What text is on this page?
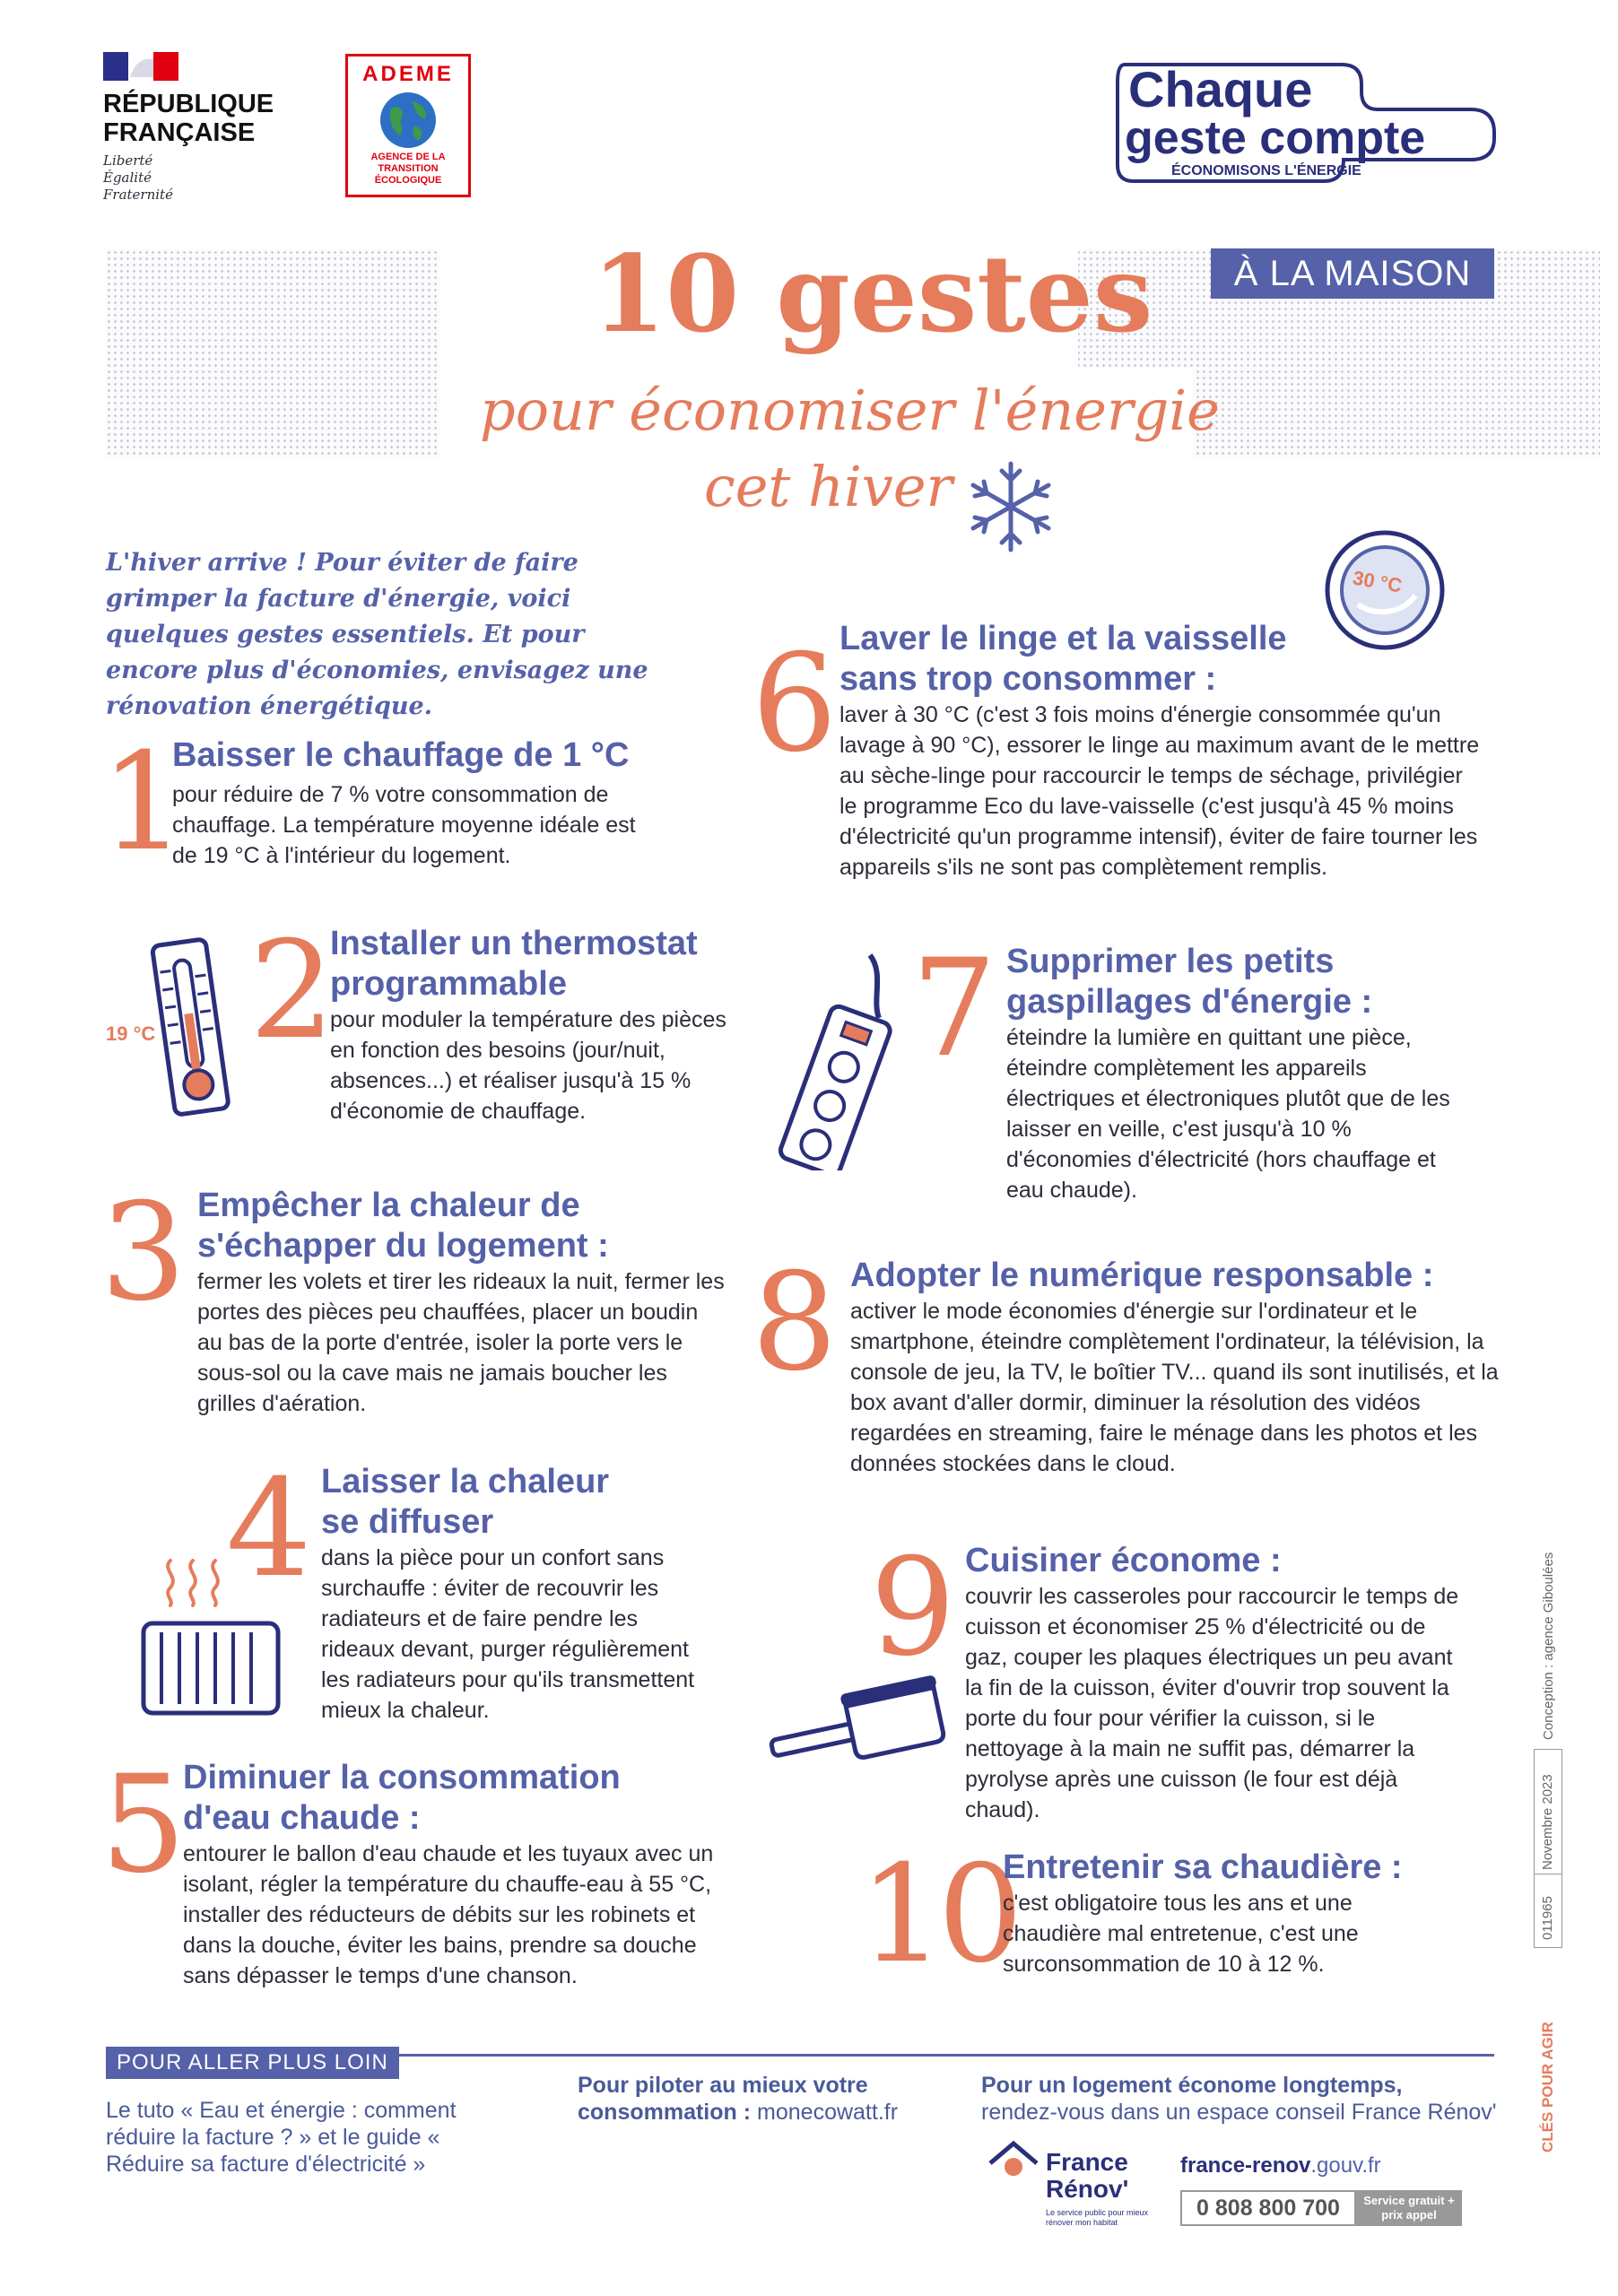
RÉPUBLIQUE
FRANÇAISE
Liberté
Égalité
Fraternité
ADEME
AGENCE DE LA
TRANSITION
ÉCOLOGIQUE
Chaque
geste compte
ÉCONOMISONS L'ÉNERGIE
À LA MAISON
10 gestes
pour économiser l'énergie
cet hiver
L'hiver arrive ! Pour éviter de faire grimper la facture d'énergie, voici quelques gestes essentiels. Et pour encore plus d'économies, envisagez une rénovation énergétique.
1
Baisser le chauffage de 1 °C
pour réduire de 7 % votre consommation de chauffage. La température moyenne idéale est de 19 °C à l'intérieur du logement.
19 °C 2
Installer un thermostat programmable
pour moduler la température des pièces en fonction des besoins (jour/nuit, absences...) et réaliser jusqu'à 15 % d'économie de chauffage.
3 Empêcher la chaleur de s'échapper du logement :
fermer les volets et tirer les rideaux la nuit, fermer les portes des pièces peu chauffées, placer un boudin au bas de la porte d'entrée, isoler la porte vers le sous-sol ou la cave mais ne jamais boucher les grilles d'aération.
4 Laisser la chaleur se diffuser
dans la pièce pour un confort sans surchauffe : éviter de recouvrir les radiateurs et de faire pendre les rideaux devant, purger régulièrement les radiateurs pour qu'ils transmettent mieux la chaleur.
5
Diminuer la consommation d'eau chaude :
entourer le ballon d'eau chaude et les tuyaux avec un isolant, régler la température du chauffe-eau à 55 °C, installer des réducteurs de débits sur les robinets et dans la douche, éviter les bains, prendre sa douche sans dépasser le temps d'une chanson.
30 °C
6 Laver le linge et la vaisselle sans trop consommer :
laver à 30 °C (c'est 3 fois moins d'énergie consommée qu'un lavage à 90 °C), essorer le linge au maximum avant de le mettre au sèche-linge pour raccourcir le temps de séchage, privilégier le programme Eco du lave-vaisselle (c'est jusqu'à 45 % moins d'électricité qu'un programme intensif), éviter de faire tourner les appareils s'ils ne sont pas complètement remplis.
7 Supprimer les petits gaspillages d'énergie :
éteindre la lumière en quittant une pièce, éteindre complètement les appareils électriques et électroniques plutôt que de les laisser en veille, c'est jusqu'à 10 % d'économies d'électricité (hors chauffage et eau chaude).
8 Adopter le numérique responsable :
activer le mode économies d'énergie sur l'ordinateur et le smartphone, éteindre complètement l'ordinateur, la télévision, la console de jeu, la TV, le boîtier TV... quand ils sont inutilisés, et la box avant d'aller dormir, diminuer la résolution des vidéos regardées en streaming, faire le ménage dans les photos et les données stockées dans le cloud.
9 Cuisiner économe :
couvrir les casseroles pour raccourcir le temps de cuisson et économiser 25 % d'électricité ou de gaz, couper les plaques électriques un peu avant la fin de la cuisson, éviter d'ouvrir trop souvent la porte du four pour vérifier la cuisson, si le nettoyage à la main ne suffit pas, démarrer la pyrolyse après une cuisson (le four est déjà chaud).
10
Entretenir sa chaudière :
c'est obligatoire tous les ans et une chaudière mal entretenue, c'est une surconsommation de 10 à 12 %.
Conception : agence Giboulées
Novembre 2023
011965
CLÉS POUR AGIR
POUR ALLER PLUS LOIN
Le tuto « Eau et énergie : comment réduire la facture ? » et le guide « Réduire sa facture d'électricité »
Pour piloter au mieux votre consommation : monecowatt.fr
Pour un logement économe longtemps,
rendez-vous dans un espace conseil France Rénov'
France
Rénov'
Le service public pour mieux rénover mon habitat
france-renov.gouv.fr
0 808 800 700	Service gratuit + prix appel
